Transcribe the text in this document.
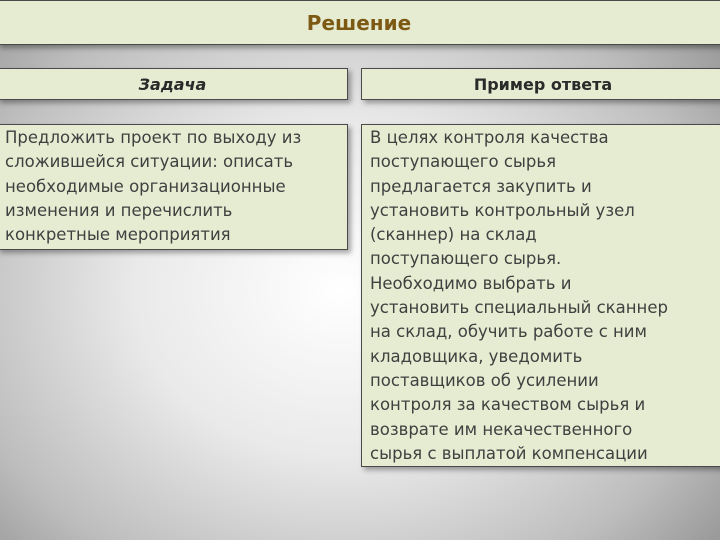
Решение
Задача	Пример ответа
Предложить проект по выходу из
сложившейся ситуации: описать
необходимые организационные
изменения и перечислить
конкретные мероприятия
В целях контроля качества
поступающего сырья
предлагается закупить и
установить контрольный узел
(сканнер) на склад
поступающего сырья.
Необходимо выбрать и
установить специальный сканнер
на склад, обучить работе с ним
кладовщика, уведомить
поставщиков об усилении
контроля за качеством сырья и
возврате им некачественного
сырья с выплатой компенсации
